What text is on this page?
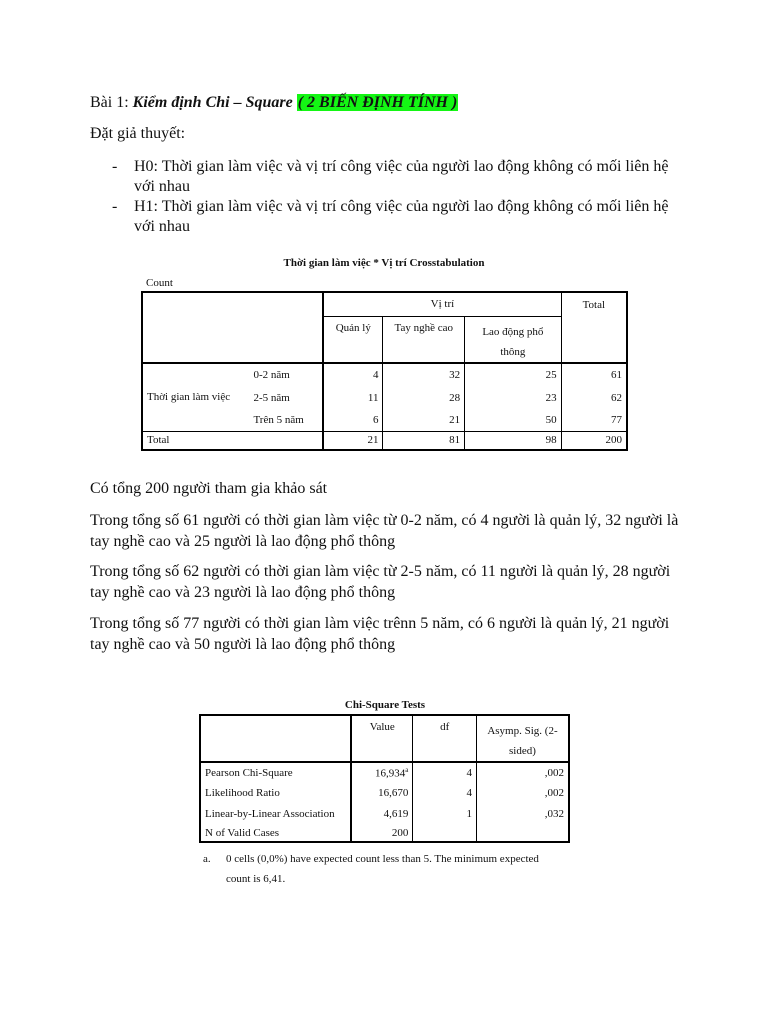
Bài 1: Kiểm định Chi – Square ( 2 BIẾN ĐỊNH TÍNH )
Đặt giả thuyết:
- H0: Thời gian làm việc và vị trí công việc của người lao động không có mối liên hệ với nhau
- H1: Thời gian làm việc và vị trí công việc của người lao động không có mối liên hệ với nhau
Thời gian làm việc * Vị trí Crosstabulation
Count
		Vị trí			Total
		Quản lý	Tay nghề cao	Lao động phổ thông	
Thời gian làm việc	0-2 năm	4	32	25	61
	2-5 năm	11	28	23	62
	Trên 5 năm	6	21	50	77
Total		21	81	98	200
Có tổng 200 người tham gia khảo sát
Trong tổng số 61 người có thời gian làm việc từ 0-2 năm, có 4 người là quản lý, 32 người là tay nghề cao và 25 người là lao động phổ thông
Trong tổng số 62 người có thời gian làm việc từ 2-5 năm, có 11 người là quản lý, 28 người tay nghề cao và 23 người là lao động phổ thông
Trong tổng số 77 người có thời gian làm việc trênn 5 năm, có 6 người là quản lý, 21 người tay nghề cao và 50 người là lao động phổ thông
Chi-Square Tests
	Value	df	Asymp. Sig. (2-sided)
Pearson Chi-Square	16,934$^a$	4	,002
Likelihood Ratio	16,670	4	,002
Linear-by-Linear Association	4,619	1	,032
N of Valid Cases	200		
a. 0 cells (0,0%) have expected count less than 5. The minimum expected count is 6,41.
